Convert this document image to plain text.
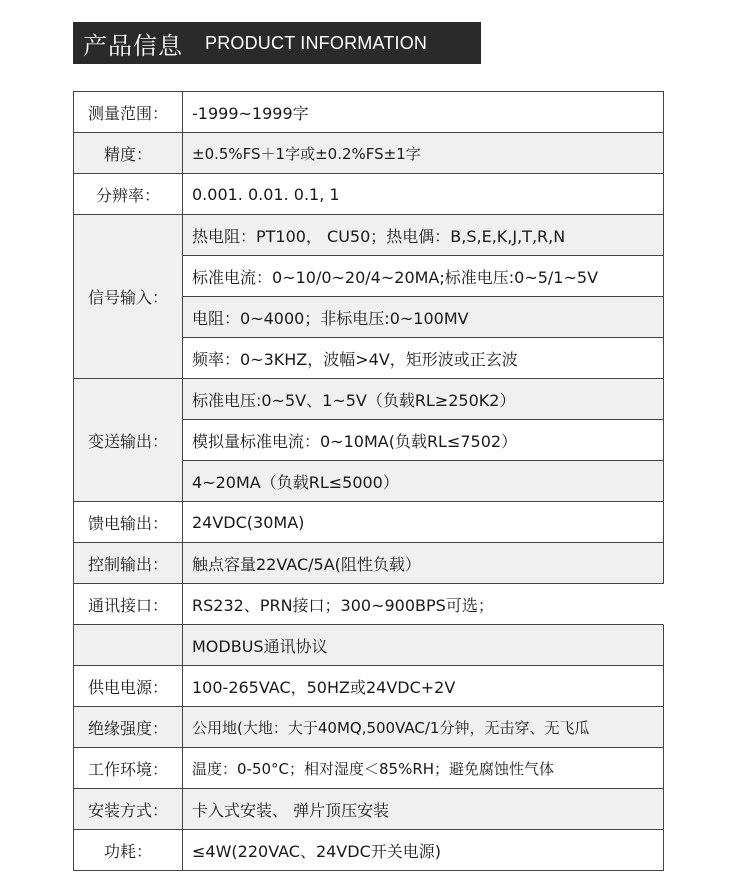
产品信息 PRODUCT INFORMATION
测量范围：	-1999~1999字
精度：	±0.5%FS＋1字或±0.2%FS±1字
分辨率：	0.001. 0.01. 0.1, 1
信号输入：
热电阻：PT100， CU50；热电偶：B,S,E,K,J,T,R,N
标准电流：0~10/0~20/4~20MA;标准电压:0~5/1~5V
电阻：0~4000；非标电压:0~100MV
频率：0~3KHZ，波幅>4V，矩形波或正玄波
变送输出：
标准电压:0~5V、1~5V（负载RL≥250K2）
模拟量标准电流：0~10MA(负载RL≤7502）
4~20MA（负载RL≤5000）
馈电输出：	24VDC(30MA)
控制输出：	触点容量22VAC/5A(阻性负载）
通讯接口：	RS232、PRN接口；300~900BPS可选；
MODBUS通讯协议
供电电源：	100-265VAC，50HZ或24VDC+2V
绝缘强度：	公用地(大地：大于40MQ,500VAC/1分钟，无击穿、无飞瓜
工作环境：	温度：0-50°C；相对湿度＜85%RH；避免腐蚀性气体
安装方式：	卡入式安装、 弹片顶压安装
功耗：	≤4W(220VAC、24VDC开关电源)
